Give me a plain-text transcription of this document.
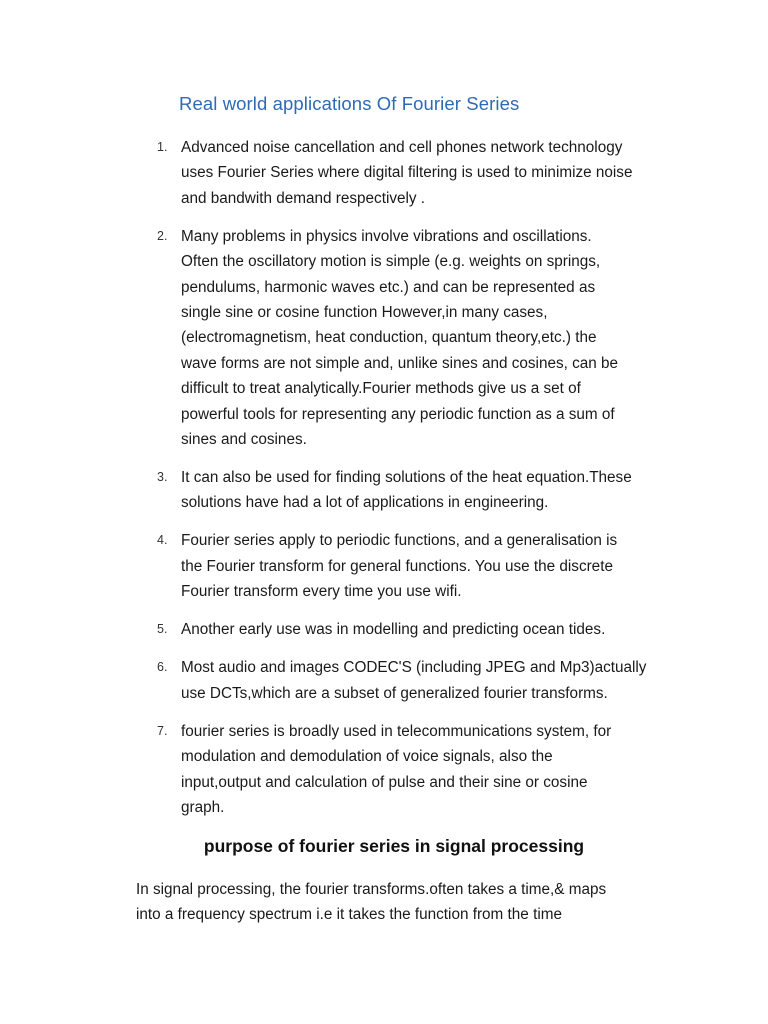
Real world applications Of Fourier Series
1. Advanced noise cancellation and cell phones network technology
uses Fourier Series where digital filtering is used to minimize noise
and bandwith demand respectively .
2. Many problems in physics involve vibrations and oscillations.
Often the oscillatory motion is simple (e.g. weights on springs,
pendulums, harmonic waves etc.) and can be represented as
single sine or cosine function However,in many cases,
(electromagnetism, heat conduction, quantum theory,etc.) the
wave forms are not simple and, unlike sines and cosines, can be
difficult to treat analytically.Fourier methods give us a set of
powerful tools for representing any periodic function as a sum of
sines and cosines.
3. It can also be used for finding solutions of the heat equation.These
solutions have had a lot of applications in engineering.
4. Fourier series apply to periodic functions, and a generalisation is
the Fourier transform for general functions. You use the discrete
Fourier transform every time you use wifi.
5. Another early use was in modelling and predicting ocean tides.
6. Most audio and images CODEC'S (including JPEG and Mp3)actually
use DCTs,which are a subset of generalized fourier transforms.
7. fourier series is broadly used in telecommunications system, for
modulation and demodulation of voice signals, also the
input,output and calculation of pulse and their sine or cosine
graph.
purpose of fourier series in signal processing
In signal processing, the fourier transforms.often takes a time,& maps
into a frequency spectrum i.e it takes the function from the time
